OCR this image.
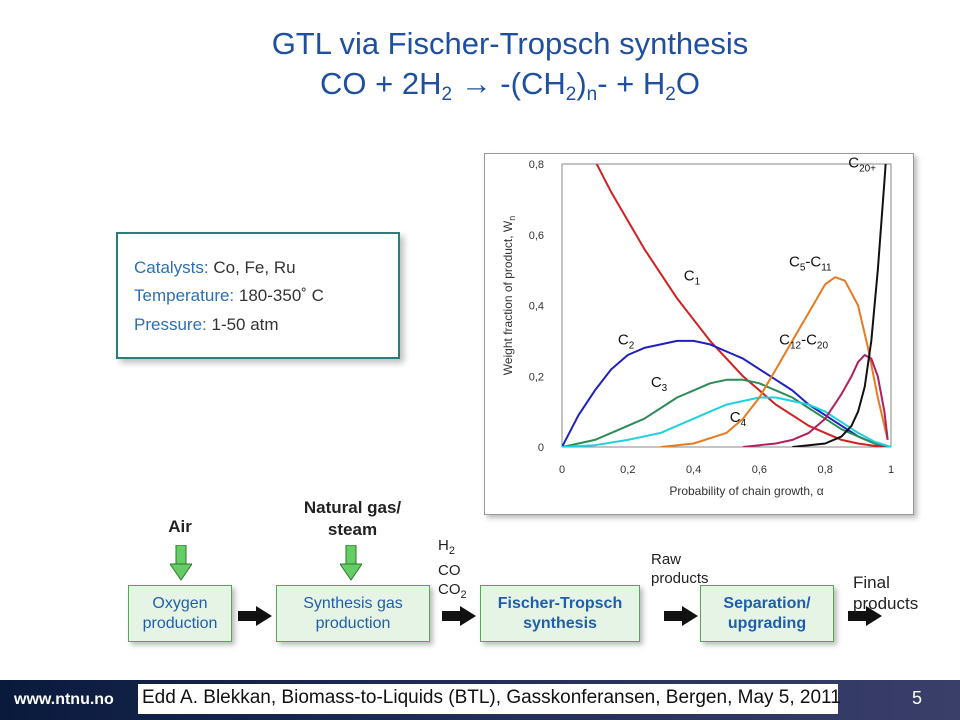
GTL via Fischer-Tropsch synthesis
CO + $2H_2 \to -(CH_2)_n- + H_2O$
Catalysts: Co, Fe, Ru
Temperature: 180-350˚ C
Pressure: 1-50 atm
0
0,2
0,4
0,6
0,8
0	0,2	0,4	0,6	0,8	1
Probability of chain growth, α
Weight fraction of product, $W_n$
$C_1$
$C_2$
$C_3$
$C_4$
$C_5-C_{11}$
$C_{12}-C_{20}$
$C_{20+}$
Air
Natural gas/ steam
Oxygen production
Synthesis gas production
Fischer-Tropsch synthesis
Separation/ upgrading
$H_2$
CO
$CO_2$
Raw products	Final products
www.ntnu.no Edd A. Blekkan, Biomass-to-Liquids (BTL), Gasskonferansen, Bergen, May 5, 2011	5
